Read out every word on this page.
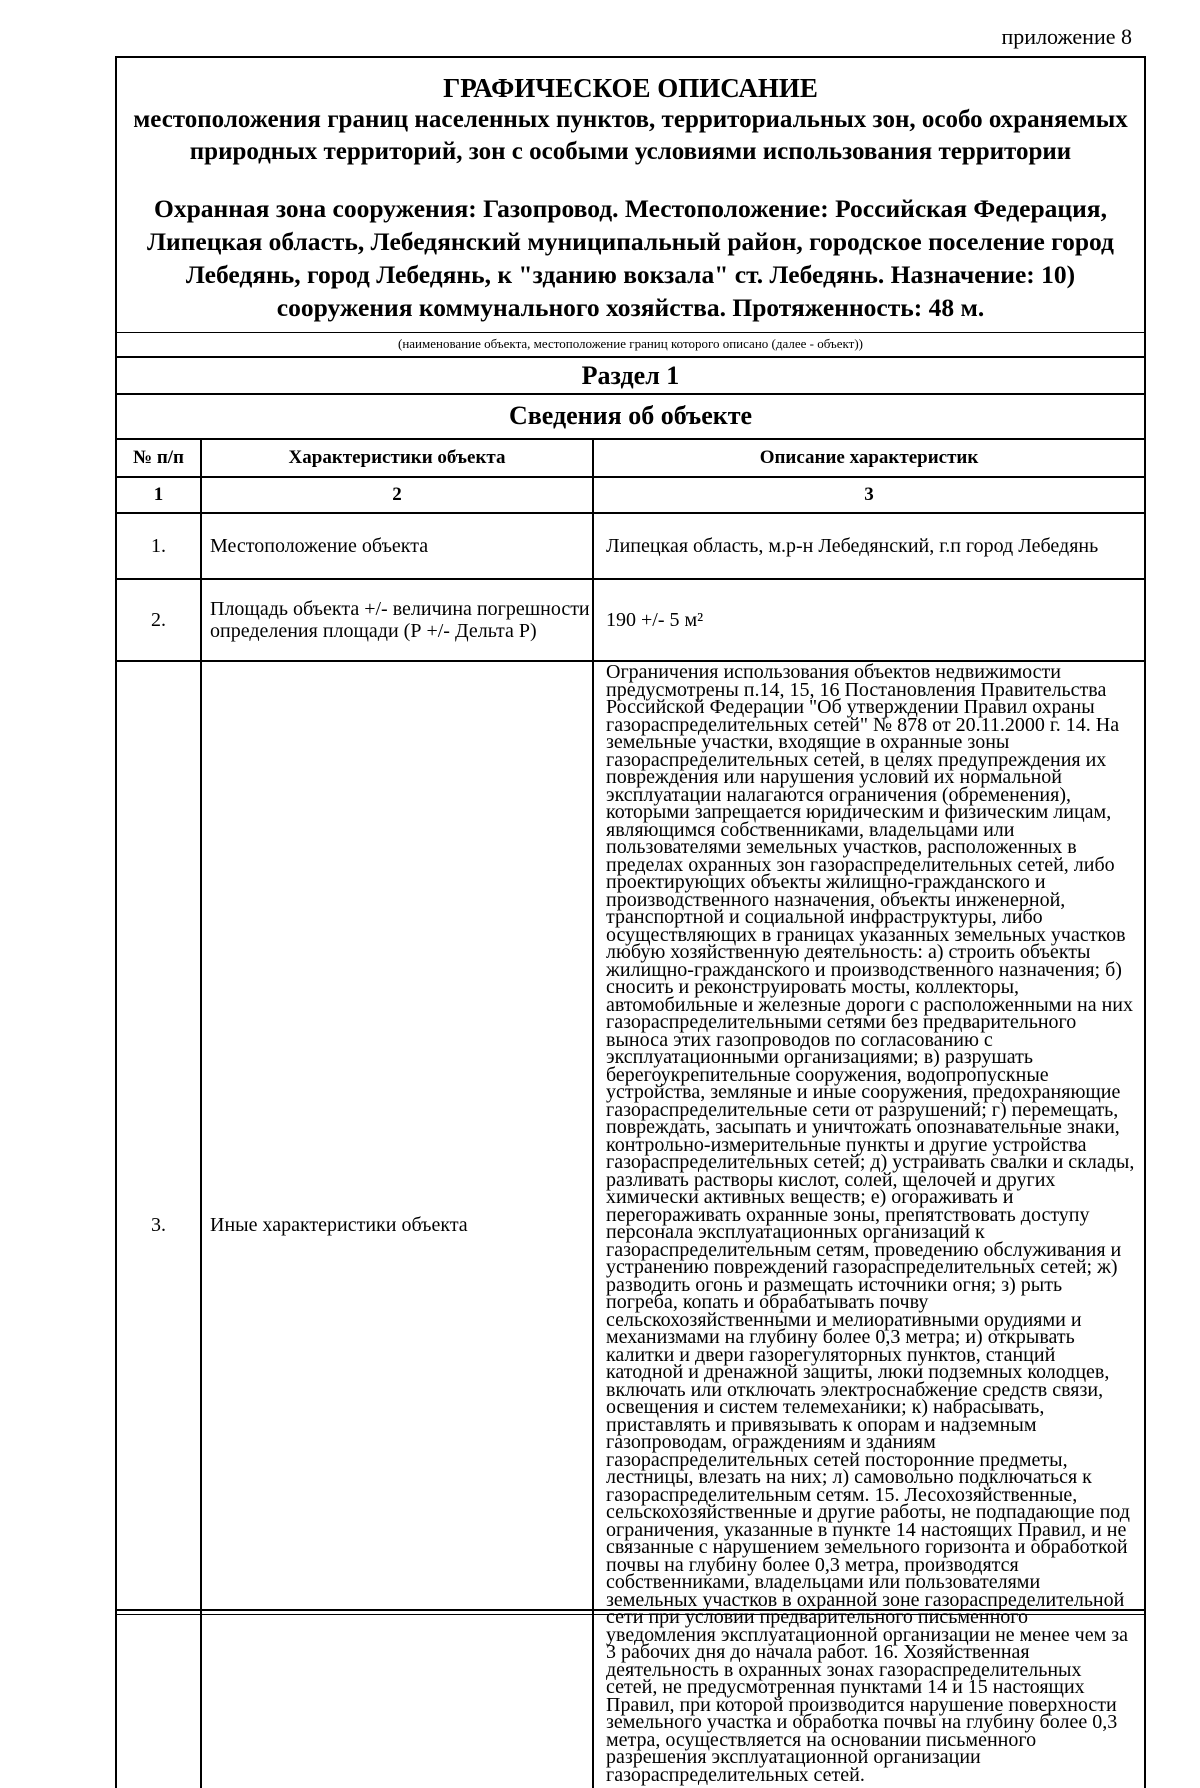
приложение 8
ГРАФИЧЕСКОЕ ОПИСАНИЕ
местоположения границ населенных пунктов, территориальных зон, особо охраняемых природных территорий, зон с особыми условиями использования территории
Охранная зона сооружения: Газопровод. Местоположение: Российская Федерация, Липецкая область, Лебедянский муниципальный район, городское поселение город Лебедянь, город Лебедянь, к "зданию вокзала" ст. Лебедянь. Назначение: 10) сооружения коммунального хозяйства. Протяженность: 48 м.
(наименование объекта, местоположение границ которого описано (далее - объект))
Раздел 1
Сведения об объекте
№ п/п	Характеристики объекта	Описание характеристик
1	2	3
1.	Местоположение объекта	Липецкая область, м.р-н Лебедянский, г.п город Лебедянь
2.	Площадь объекта +/- величина погрешности определения площади (Р +/- Дельта Р)	190 +/- 5 м²
3.	Иные характеристики объекта	Ограничения использования объектов недвижимости предусмотрены п.14, 15, 16 Постановления Правительства Российской Федерации "Об утверждении Правил охраны газораспределительных сетей" № 878 от 20.11.2000 г. 14. На земельные участки, входящие в охранные зоны газораспределительных сетей, в целях предупреждения их повреждения или нарушения условий их нормальной эксплуатации налагаются ограничения (обременения), которыми запрещается юридическим и физическим лицам, являющимся собственниками, владельцами или пользователями земельных участков, расположенных в пределах охранных зон газораспределительных сетей, либо проектирующих объекты жилищно-гражданского и производственного назначения, объекты инженерной, транспортной и социальной инфраструктуры, либо осуществляющих в границах указанных земельных участков любую хозяйственную деятельность: а) строить объекты жилищно-гражданского и производственного назначения; б) сносить и реконструировать мосты, коллекторы, автомобильные и железные дороги с расположенными на них газораспределительными сетями без предварительного выноса этих газопроводов по согласованию с эксплуатационными организациями; в) разрушать берегоукрепительные сооружения, водопропускные устройства, земляные и иные сооружения, предохраняющие газораспределительные сети от разрушений; г) перемещать, повреждать, засыпать и уничтожать опознавательные знаки, контрольно-измерительные пункты и другие устройства газораспределительных сетей; д) устраивать свалки и склады, разливать растворы кислот, солей, щелочей и других химически активных веществ; е) огораживать и перегораживать охранные зоны, препятствовать доступу персонала эксплуатационных организаций к газораспределительным сетям, проведению обслуживания и устранению повреждений газораспределительных сетей; ж) разводить огонь и размещать источники огня; з) рыть погреба, копать и обрабатывать почву сельскохозяйственными и мелиоративными орудиями и механизмами на глубину более 0,3 метра; и) открывать калитки и двери газорегуляторных пунктов, станций катодной и дренажной защиты, люки подземных колодцев, включать или отключать электроснабжение средств связи, освещения и систем телемеханики; к) набрасывать, приставлять и привязывать к опорам и надземным газопроводам, ограждениям и зданиям газораспределительных сетей посторонние предметы, лестницы, влезать на них; л) самовольно подключаться к газораспределительным сетям. 15. Лесохозяйственные, сельскохозяйственные и другие работы, не подпадающие под ограничения, указанные в пункте 14 настоящих Правил, и не связанные с нарушением земельного горизонта и обработкой почвы на глубину более 0,3 метра, производятся собственниками, владельцами или пользователями земельных участков в охранной зоне газораспределительной сети при условии предварительного письменного уведомления эксплуатационной организации не менее чем за 3 рабочих дня до начала работ. 16. Хозяйственная деятельность в охранных зонах газораспределительных сетей, не предусмотренная пунктами 14 и 15 настоящих Правил, при которой производится нарушение поверхности земельного участка и обработка почвы на глубину более 0,3 метра, осуществляется на основании письменного разрешения эксплуатационной организации газораспределительных сетей.
